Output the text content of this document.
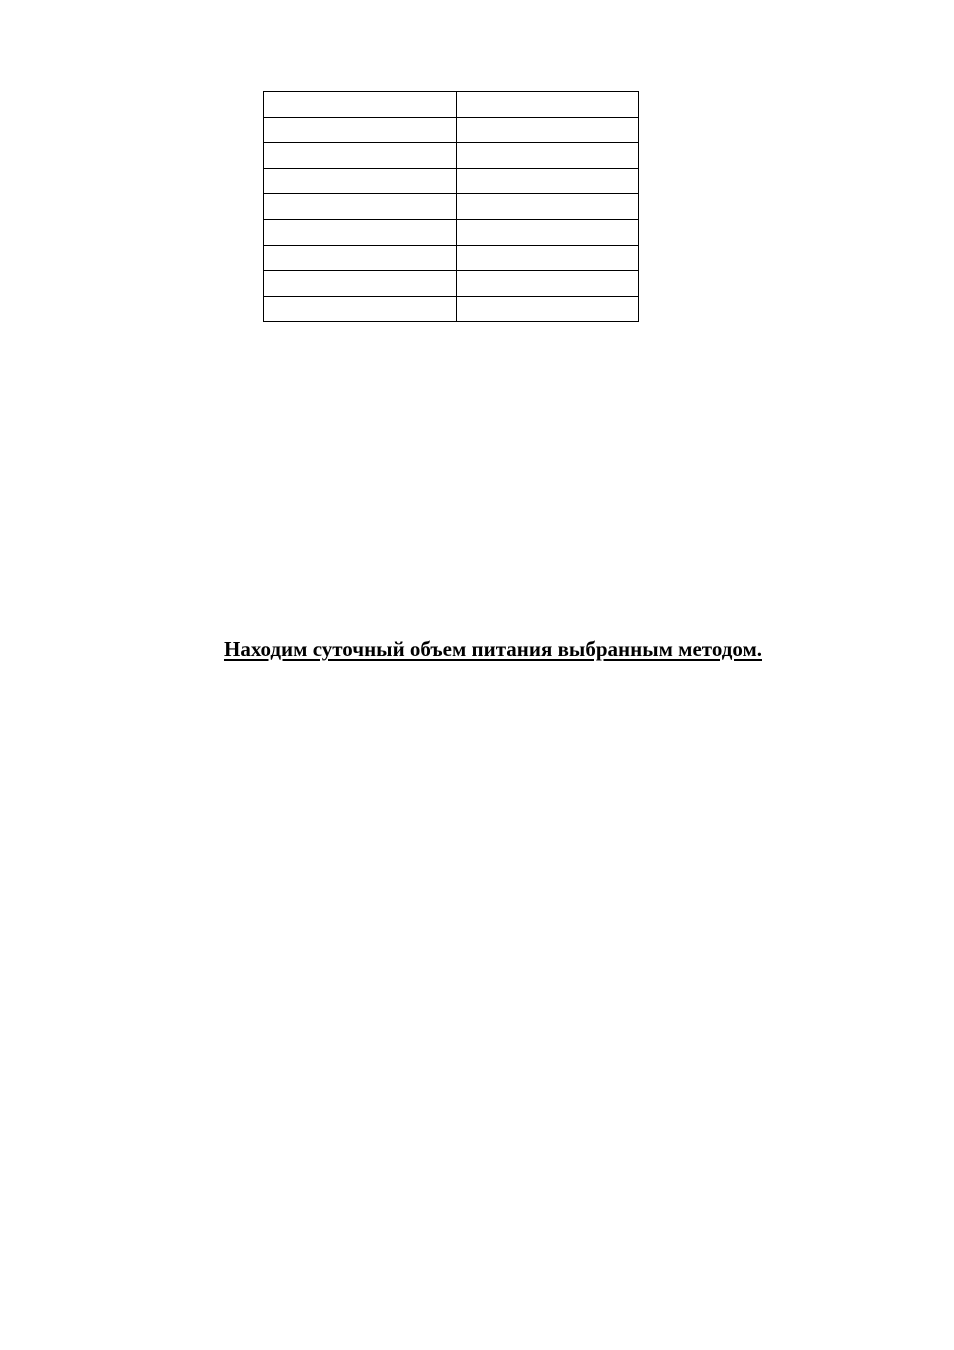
Находим суточный объем питания выбранным методом.
